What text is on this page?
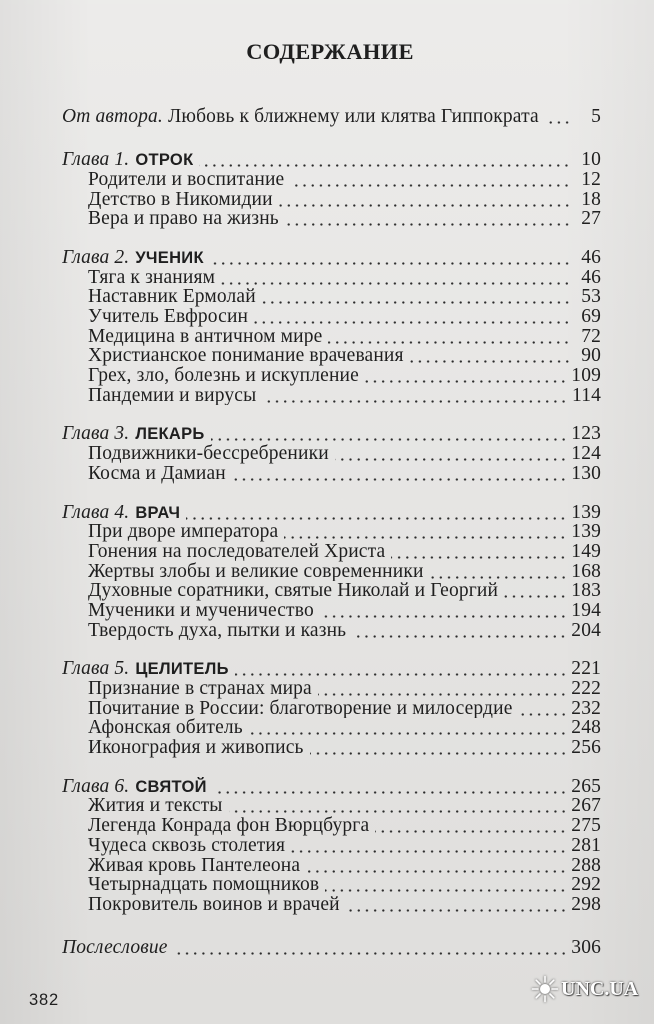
СОДЕРЖАНИЕ
От автора. Любовь к ближнему или клятва Гиппократа	5
Глава 1. ОТРОК	10
Родители и воспитание	12
Детство в Никомидии	18
Вера и право на жизнь	27
Глава 2. УЧЕНИК	46
Тяга к знаниям	46
Наставник Ермолай	53
Учитель Евфросин	69
Медицина в античном мире	72
Христианское понимание врачевания	90
Грех, зло, болезнь и искупление	109
Пандемии и вирусы	114
Глава 3. ЛЕКАРЬ	123
Подвижники-бессребреники	124
Косма и Дамиан	130
Глава 4. ВРАЧ	139
При дворе императора	139
Гонения на последователей Христа	149
Жертвы злобы и великие современники	168
Духовные соратники, святые Николай и Георгий	183
Мученики и мученичество	194
Твердость духа, пытки и казнь	204
Глава 5. ЦЕЛИТЕЛЬ	221
Признание в странах мира	222
Почитание в России: благотворение и милосердие	232
Афонская обитель	248
Иконография и живопись	256
Глава 6. СВЯТОЙ	265
Жития и тексты	267
Легенда Конрада фон Вюрцбурга	275
Чудеса сквозь столетия	281
Живая кровь Пантелеона	288
Четырнадцать помощников	292
Покровитель воинов и врачей	298
Послесловие	306
382	UNC.UA
